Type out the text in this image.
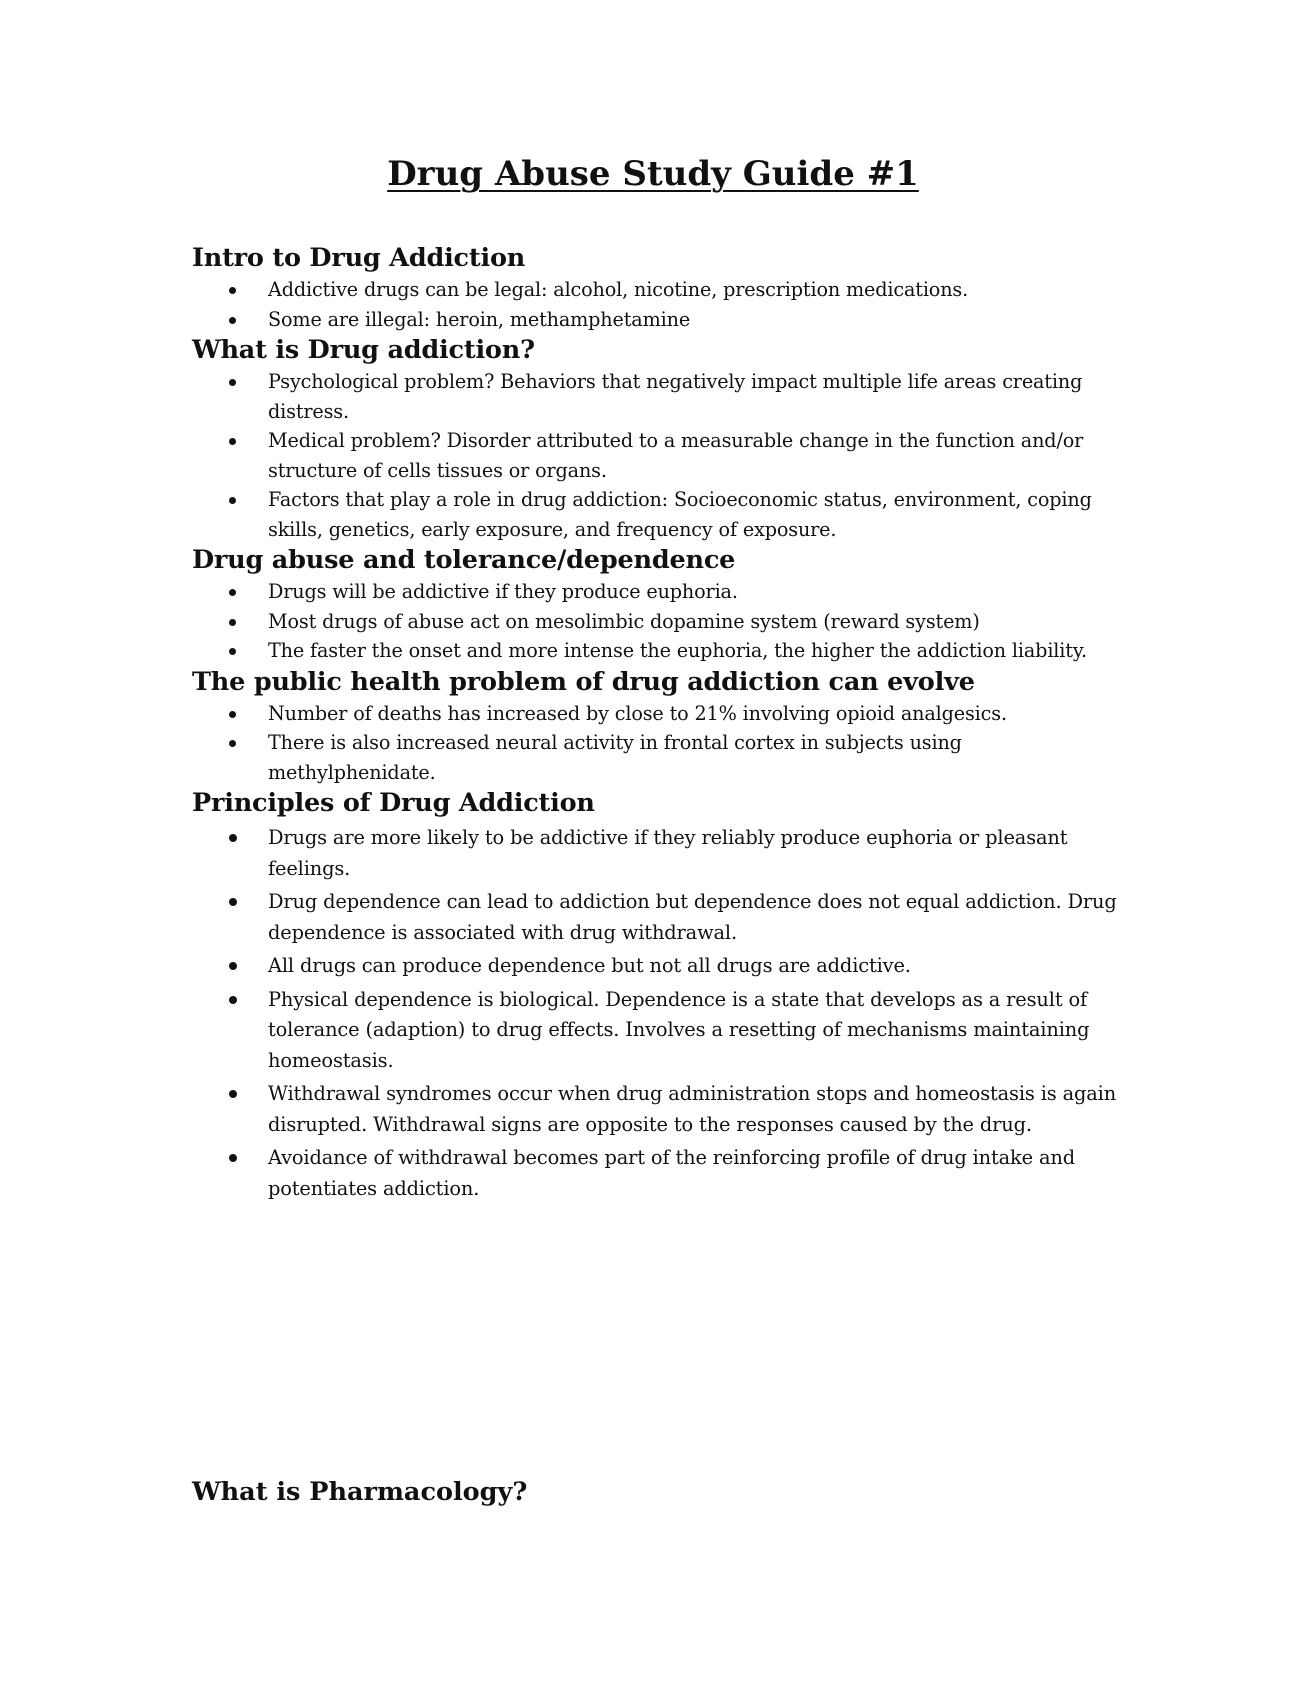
Drug Abuse Study Guide #1
Intro to Drug Addiction
Addictive drugs can be legal: alcohol, nicotine, prescription medications.
Some are illegal: heroin, methamphetamine
What is Drug addiction?
Psychological problem? Behaviors that negatively impact multiple life areas creating distress.
Medical problem? Disorder attributed to a measurable change in the function and/or structure of cells tissues or organs.
Factors that play a role in drug addiction: Socioeconomic status, environment, coping skills, genetics, early exposure, and frequency of exposure.
Drug abuse and tolerance/dependence
Drugs will be addictive if they produce euphoria.
Most drugs of abuse act on mesolimbic dopamine system (reward system)
The faster the onset and more intense the euphoria, the higher the addiction liability.
The public health problem of drug addiction can evolve
Number of deaths has increased by close to 21% involving opioid analgesics.
There is also increased neural activity in frontal cortex in subjects using methylphenidate.
Principles of Drug Addiction
Drugs are more likely to be addictive if they reliably produce euphoria or pleasant feelings.
Drug dependence can lead to addiction but dependence does not equal addiction. Drug dependence is associated with drug withdrawal.
All drugs can produce dependence but not all drugs are addictive.
Physical dependence is biological. Dependence is a state that develops as a result of tolerance (adaption) to drug effects. Involves a resetting of mechanisms maintaining homeostasis.
Withdrawal syndromes occur when drug administration stops and homeostasis is again disrupted. Withdrawal signs are opposite to the responses caused by the drug.
Avoidance of withdrawal becomes part of the reinforcing profile of drug intake and potentiates addiction.
What is Pharmacology?
